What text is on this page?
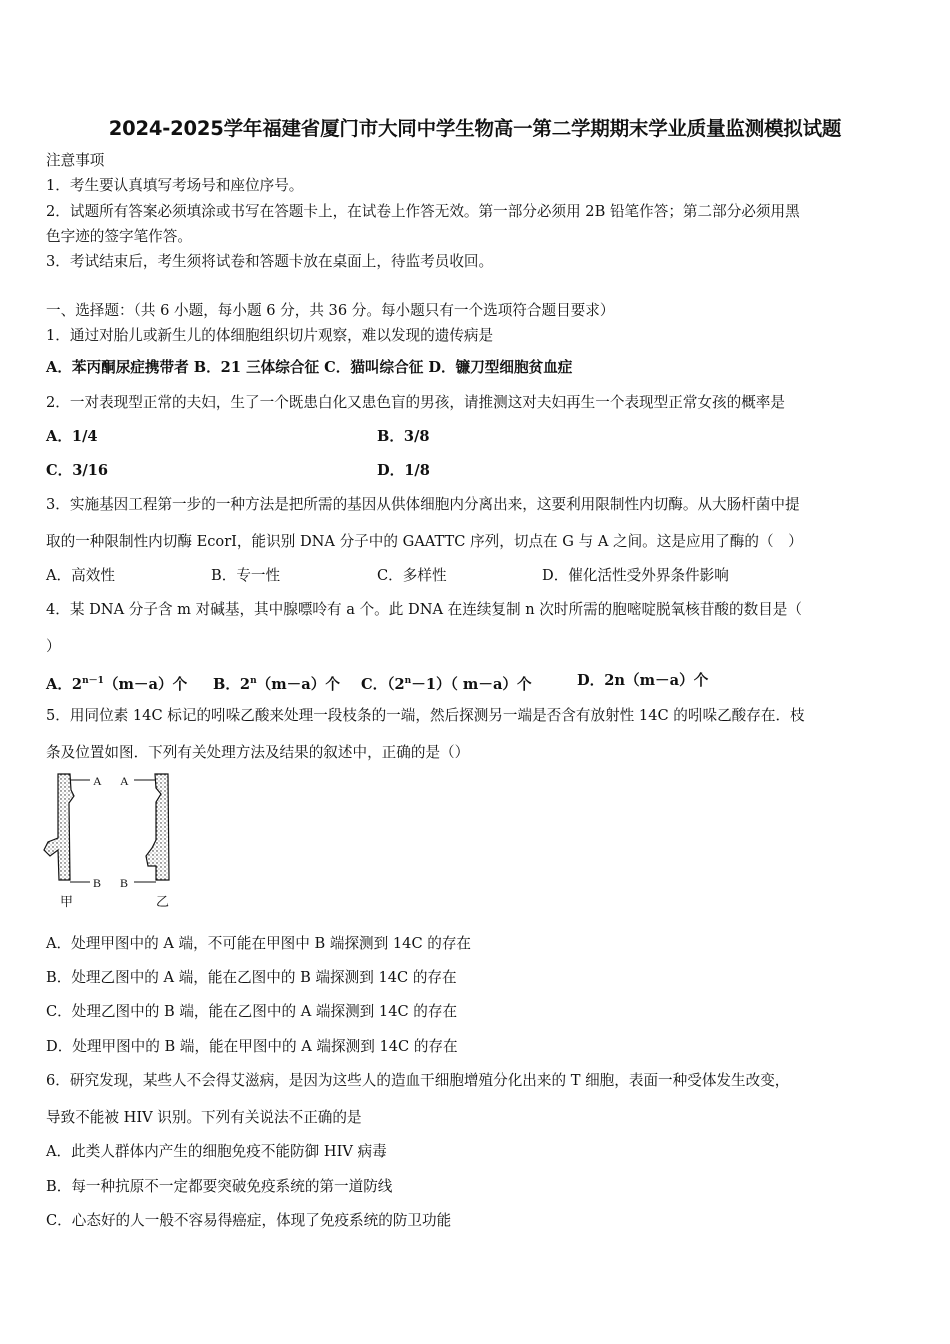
2024-2025学年福建省厦门市大同中学生物高一第二学期期末学业质量监测模拟试题
注意事项
1．考生要认真填写考场号和座位序号。
2．试题所有答案必须填涂或书写在答题卡上，在试卷上作答无效。第一部分必须用 2B 铅笔作答；第二部分必须用黑
色字迹的签字笔作答。
3．考试结束后，考生须将试卷和答题卡放在桌面上，待监考员收回。
一、选择题：（共 6 小题，每小题 6 分，共 36 分。每小题只有一个选项符合题目要求）
1．通过对胎儿或新生儿的体细胞组织切片观察，难以发现的遗传病是
A．苯丙酮尿症携带者 B．21 三体综合征 C．猫叫综合征 D．镰刀型细胞贫血症
2．一对表现型正常的夫妇，生了一个既患白化又患色盲的男孩，请推测这对夫妇再生一个表现型正常女孩的概率是
A．1/4	B．3/8
C．3/16	D．1/8
3．实施基因工程第一步的一种方法是把所需的基因从供体细胞内分离出来，这要利用限制性内切酶。从大肠杆菌中提
取的一种限制性内切酶 EcorI，能识别 DNA 分子中的 GAATTC 序列，切点在 G 与 A 之间。这是应用了酶的（　）
A．高效性	B．专一性	C．多样性	D．催化活性受外界条件影响
4．某 DNA 分子含 m 对碱基，其中腺嘌呤有 a 个。此 DNA 在连续复制 n 次时所需的胞嘧啶脱氧核苷酸的数目是（
）
A．$2^{n-1}(m-a)$个 B．$2^n(m-a)$个 C．$(2^n-1)$（ m－a）个	D．2n（m－a）个
5．用同位素 14C 标记的吲哚乙酸来处理一段枝条的一端，然后探测另一端是否含有放射性 14C 的吲哚乙酸存在．枝
条及位置如图．下列有关处理方法及结果的叙述中，正确的是（）
A
B
A
B
甲	乙
A．处理甲图中的 A 端，不可能在甲图中 B 端探测到 14C 的存在
B．处理乙图中的 A 端，能在乙图中的 B 端探测到 14C 的存在
C．处理乙图中的 B 端，能在乙图中的 A 端探测到 14C 的存在
D．处理甲图中的 B 端，能在甲图中的 A 端探测到 14C 的存在
6．研究发现，某些人不会得艾滋病，是因为这些人的造血干细胞增殖分化出来的 T 细胞，表面一种受体发生改变，
导致不能被 HIV 识别。下列有关说法不正确的是
A．此类人群体内产生的细胞免疫不能防御 HIV 病毒
B．每一种抗原不一定都要突破免疫系统的第一道防线
C．心态好的人一般不容易得癌症，体现了免疫系统的防卫功能
